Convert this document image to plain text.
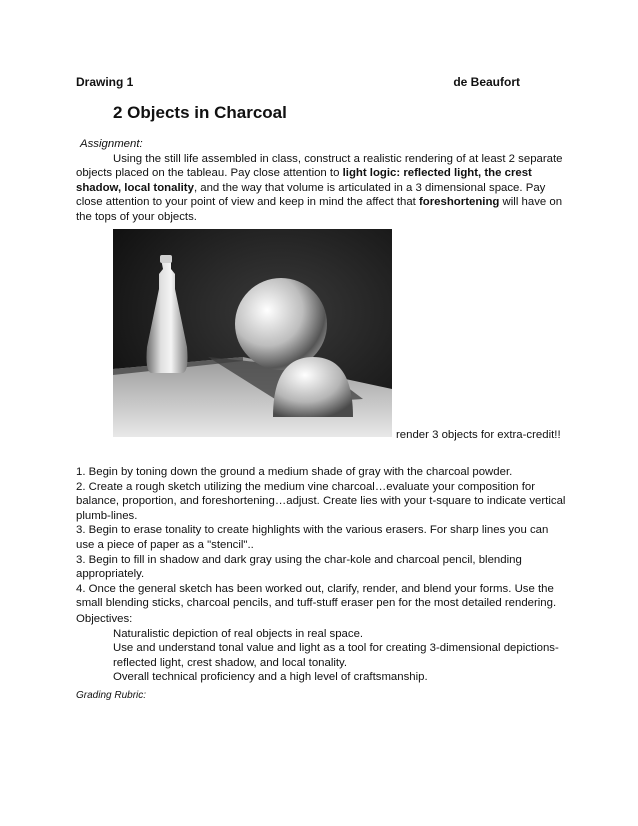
Drawing 1	de Beaufort
2 Objects in Charcoal
Assignment:

Using the still life assembled in class, construct a realistic rendering of at least 2 separate objects placed on the tableau. Pay close attention to light logic: reflected light, the crest shadow, local tonality, and the way that volume is articulated in a 3 dimensional space. Pay close attention to your point of view and keep in mind the affect that foreshortening will have on the tops of your objects.

render 3 objects for extra-credit!!

1. Begin by toning down the ground a medium shade of gray with the charcoal powder.

2. Create a rough sketch utilizing the medium vine charcoal…evaluate your composition for balance, proportion, and foreshortening…adjust. Create lies with your t-square to indicate vertical plumb-lines.

3. Begin to erase tonality to create highlights with the various erasers. For sharp lines you can use a piece of paper as a "stencil"..

3. Begin to fill in shadow and dark gray using the char-kole and charcoal pencil, blending appropriately.

4. Once the general sketch has been worked out, clarify, render, and blend your forms. Use the small blending sticks, charcoal pencils, and tuff-stuff eraser pen for the most detailed rendering.

Objectives:

Naturalistic depiction of real objects in real space.

Use and understand tonal value and light as a tool for creating 3-dimensional depictions- reflected light, crest shadow, and local tonality.

Overall technical proficiency and a high level of craftsmanship.

Grading Rubric:
